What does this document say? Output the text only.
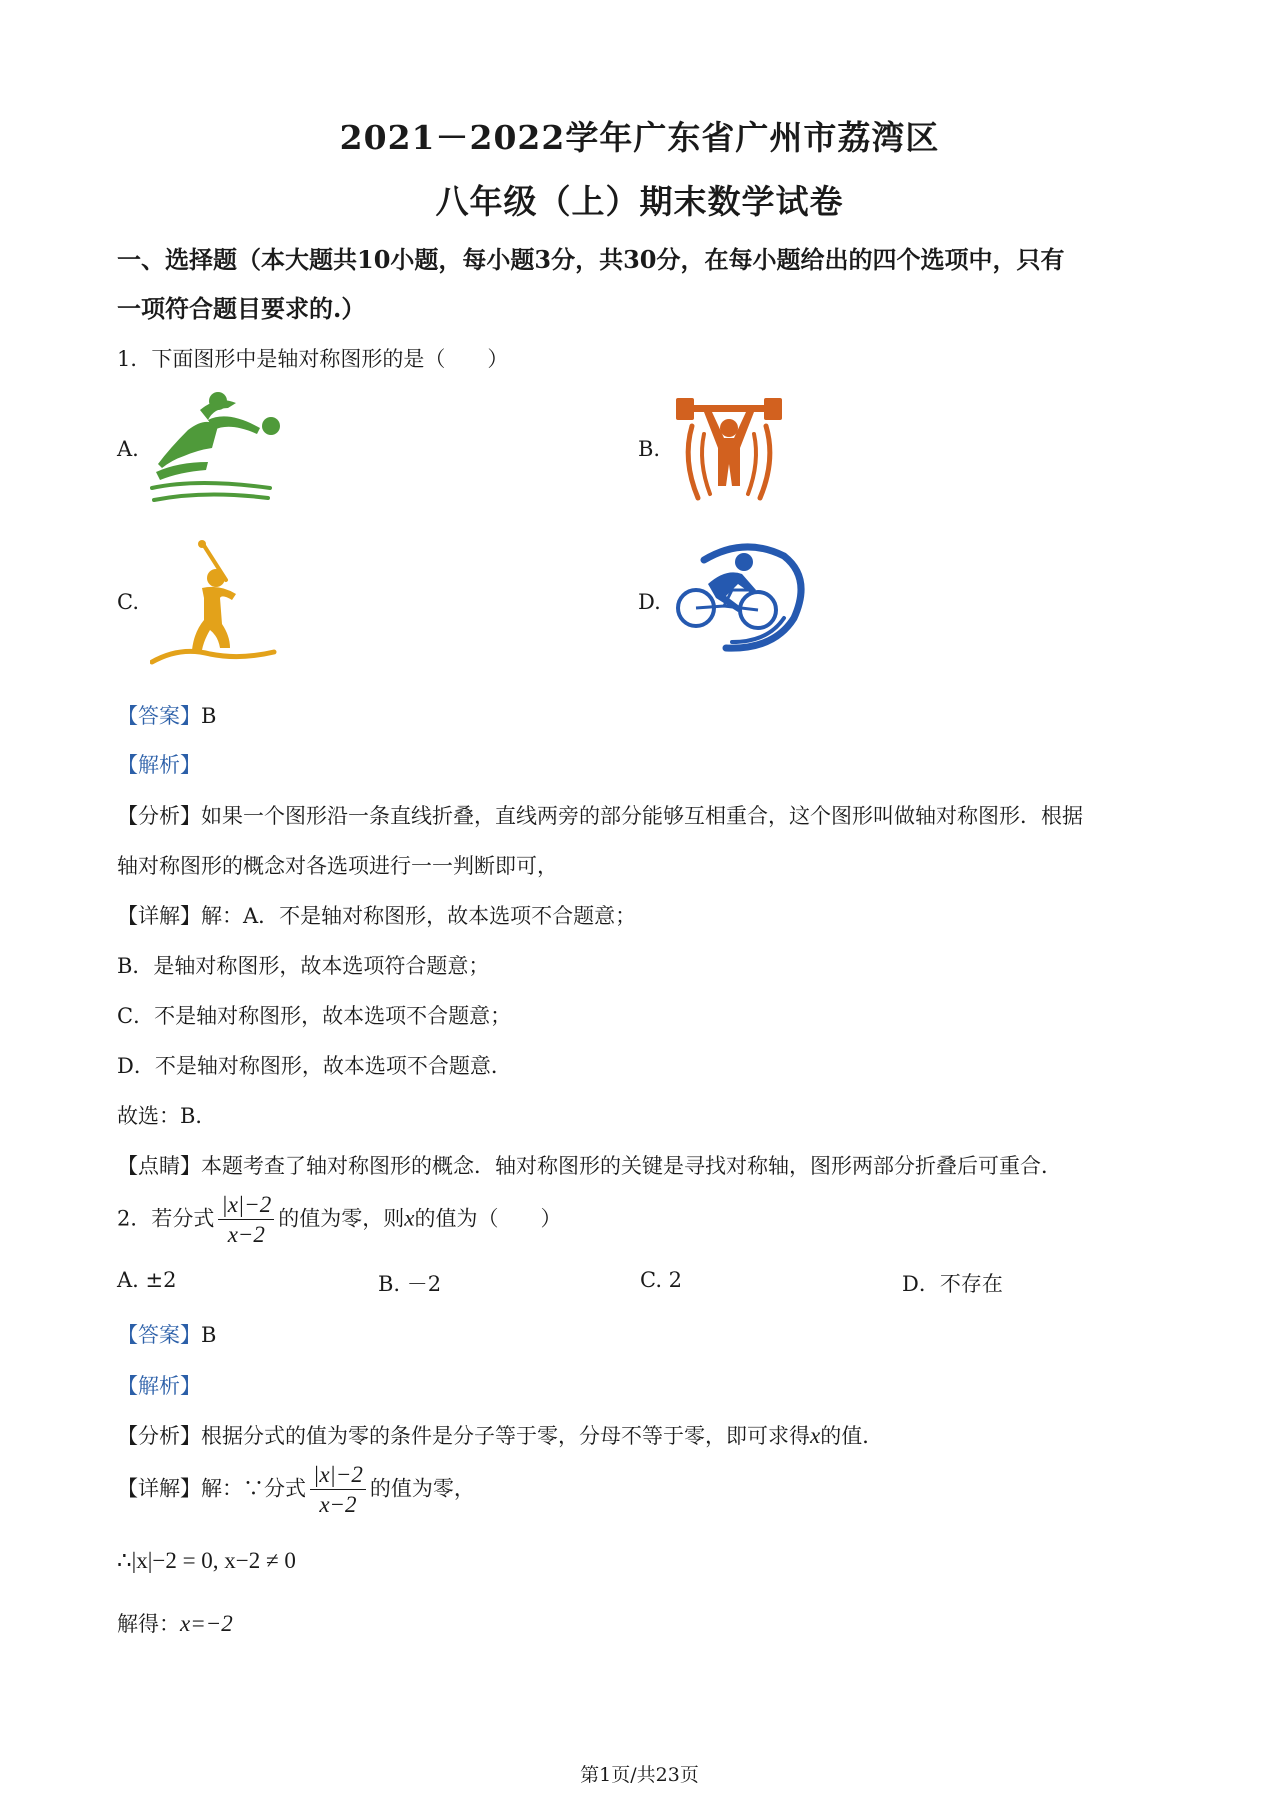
2021－2022学年广东省广州市荔湾区
八年级（上）期末数学试卷
一、选择题（本大题共10小题，每小题3分，共30分，在每小题给出的四个选项中，只有
一项符合题目要求的.）
1．下面图形中是轴对称图形的是（　　）
A.	B.
C.	D.
【答案】B
【解析】
【分析】如果一个图形沿一条直线折叠，直线两旁的部分能够互相重合，这个图形叫做轴对称图形．根据
轴对称图形的概念对各选项进行一一判断即可，
【详解】解：A．不是轴对称图形，故本选项不合题意；
B．是轴对称图形，故本选项符合题意；
C．不是轴对称图形，故本选项不合题意；
D．不是轴对称图形，故本选项不合题意．
故选：B．
【点睛】本题考查了轴对称图形的概念．轴对称图形的关键是寻找对称轴，图形两部分折叠后可重合．
2．若分式 $\frac{|x|-2}{x-2}$ 的值为零，则x的值为（　　）
A. ±2	B. －2	C. 2	D．不存在
【答案】B
【解析】
【分析】根据分式的值为零的条件是分子等于零，分母不等于零，即可求得x的值．
【详解】解：∵分式 $\frac{|x|-2}{x-2}$ 的值为零，
∴|x|−2 = 0, x−2 ≠ 0
解得：x=−2
第1页/共23页
